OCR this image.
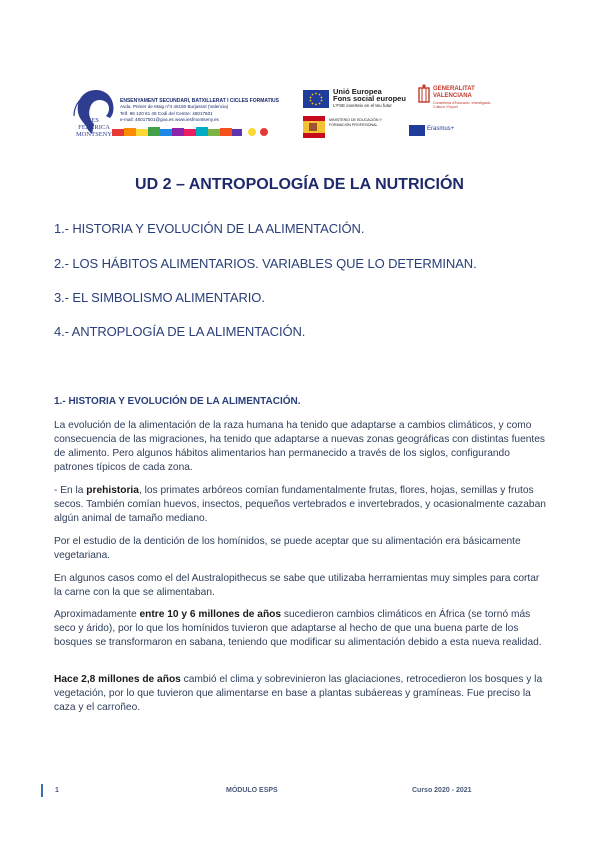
IES FEDERICA MONTSENY
ENSENYAMENT SECUNDARI, BATXILLERAT I CICLES FORMATIUS
Avda. Primer de Maig nº4 46150 Burjassot (Valencia)
Telf. 96 120 61 45 Codi del Centre: 46017501
e-mail: 46017501@gva.es www.iesfmontseny.es
Unió Europea
Fons social europeu
L'FSE inverteix en el teu futur
MINISTERIO DE EDUCACIÓN Y FORMACIÓN PROFESIONAL
GENERALITAT
VALENCIANA
Conselleria d'Educació, Investigació, Cultura i Esport
Erasmus+
UD 2 – ANTROPOLOGÍA DE LA NUTRICIÓN
1.- HISTORIA Y EVOLUCIÓN DE LA ALIMENTACIÓN.
2.- LOS HÁBITOS ALIMENTARIOS. VARIABLES QUE LO DETERMINAN.
3.- EL SIMBOLISMO ALIMENTARIO.
4.- ANTROPLOGÍA DE LA ALIMENTACIÓN.
1.- HISTORIA Y EVOLUCIÓN DE LA ALIMENTACIÓN.
La evolución de la alimentación de la raza humana ha tenido que adaptarse a cambios climáticos, y como consecuencia de las migraciones, ha tenido que adaptarse a nuevas zonas geográficas con distintas fuentes de alimento. Pero algunos hábitos alimentarios han permanecido a través de los siglos, configurando patrones típicos de cada zona.
- En la prehistoria, los primates arbóreos comían fundamentalmente frutas, flores, hojas, semillas y frutos secos. También comían huevos, insectos, pequeños vertebrados e invertebrados, y ocasionalmente cazaban algún animal de tamaño mediano.
Por el estudio de la dentición de los homínidos, se puede aceptar que su alimentación era básicamente vegetariana.
En algunos casos como el del Australopithecus se sabe que utilizaba herramientas muy simples para cortar la carne con la que se alimentaban.
Aproximadamente entre 10 y 6 millones de años sucedieron cambios climáticos en África (se tornó más seco y árido), por lo que los homínidos tuvieron que adaptarse al hecho de que una buena parte de los bosques se transformaron en sabana, teniendo que modificar su alimentación debido a esta nueva realidad.
Hace 2,8 millones de años cambió el clima y sobrevinieron las glaciaciones, retrocedieron los bosques y la vegetación, por lo que tuvieron que alimentarse en base a plantas subáereas y gramíneas. Fue preciso la caza y el carroñeo.
1	MÓDULO ESPS	Curso 2020 - 2021
